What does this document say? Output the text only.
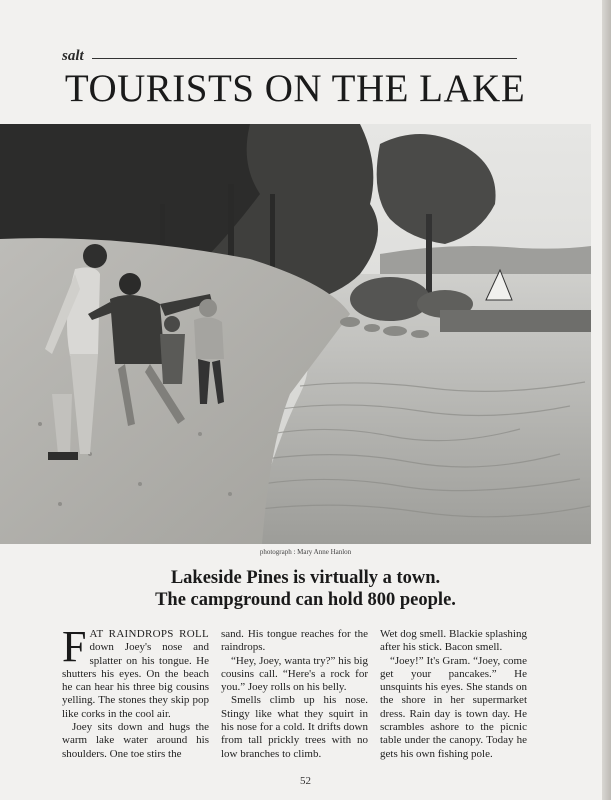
salt
TOURISTS ON THE LAKE
photograph : Mary Anne Hanlon
Lakeside Pines is virtually a town.
The campground can hold 800 people.

FAT RAINDROPS ROLL down Joey's nose and splatter on his tongue. He shutters his eyes. On the beach he can hear his three big cousins yelling. The stones they skip pop like corks in the cool air.

Joey sits down and hugs the warm lake water around his shoulders. One toe stirs the

sand. His tongue reaches for the raindrops.

“Hey, Joey, wanta try?” his big cousins call. “Here's a rock for you.” Joey rolls on his belly.

Smells climb up his nose. Stingy like what they squirt in his nose for a cold. It drifts down from tall prickly trees with no low branches to climb.

Wet dog smell. Blackie splashing after his stick. Bacon smell.

“Joey!” It's Gram. “Joey, come get your pancakes.” He unsquints his eyes. She stands on the shore in her supermarket dress. Rain day is town day. He scrambles ashore to the picnic table under the canopy. Today he gets his own fishing pole.

52
